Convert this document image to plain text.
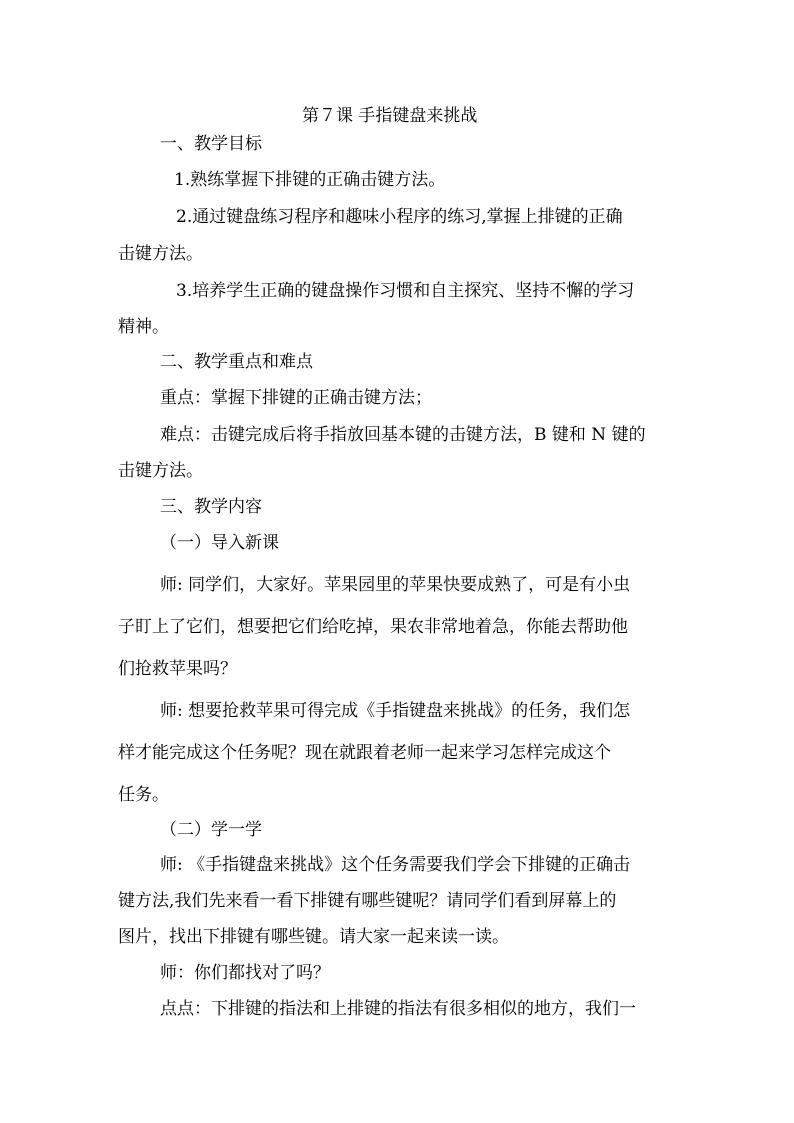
第７课 手指键盘来挑战
一、教学目标
1.熟练掌握下排键的正确击键方法。
2.通过键盘练习程序和趣味小程序的练习,掌握上排键的正确
击键方法。
3.培养学生正确的键盘操作习惯和自主探究、坚持不懈的学习
精神。
二、教学重点和难点
重点：掌握下排键的正确击键方法；
难点：击键完成后将手指放回基本键的击键方法，B 键和 N 键的
击键方法。
三、教学内容
（一）导入新课
师: 同学们，大家好。苹果园里的苹果快要成熟了，可是有小虫
子盯上了它们，想要把它们给吃掉，果农非常地着急，你能去帮助他
们抢救苹果吗？
师: 想要抢救苹果可得完成《手指键盘来挑战》的任务，我们怎
样才能完成这个任务呢？现在就跟着老师一起来学习怎样完成这个
任务。
（二）学一学
师: 《手指键盘来挑战》这个任务需要我们学会下排键的正确击
键方法,我们先来看一看下排键有哪些键呢？请同学们看到屏幕上的
图片，找出下排键有哪些键。请大家一起来读一读。
师：你们都找对了吗？
点点：下排键的指法和上排键的指法有很多相似的地方，我们一
